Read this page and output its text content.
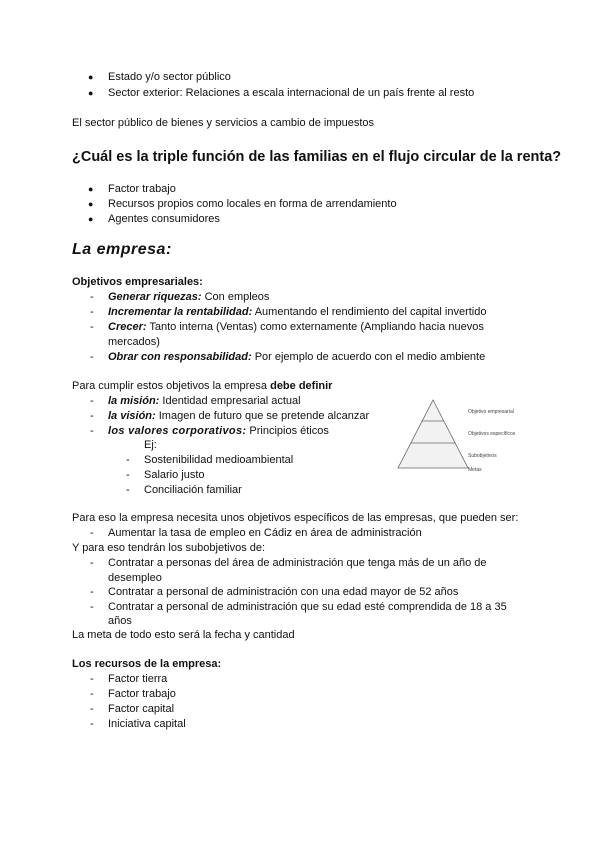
● Estado y/o sector público
● Sector exterior: Relaciones a escala internacional de un país frente al resto
El sector público de bienes y servicios a cambio de impuestos
¿Cuál es la triple función de las familias en el flujo circular de la renta?
● Factor trabajo
● Recursos propios como locales en forma de arrendamiento
● Agentes consumidores
La empresa:
Objetivos empresariales:
- Generar riquezas: Con empleos
- Incrementar la rentabilidad: Aumentando el rendimiento del capital invertido
- Crecer: Tanto interna (Ventas) como externamente (Ampliando hacia nuevos
mercados)
- Obrar con responsabilidad: Por ejemplo de acuerdo con el medio ambiente
Para cumplir estos objetivos la empresa debe definir
- la misión: Identidad empresarial actual
- la visión: Imagen de futuro que se pretende alcanzar
- los valores corporativos: Principios éticos
Ej:
- Sostenibilidad medioambiental
- Salario justo
- Conciliación familiar
Objetivo empresarial
Objetivos específicos
Subobjetivos
Metas
Para eso la empresa necesita unos objetivos específicos de las empresas, que pueden ser:
- Aumentar la tasa de empleo en Cádiz en área de administración
Y para eso tendrán los subobjetivos de:
- Contratar a personas del área de administración que tenga más de un año de
desempleo
- Contratar a personal de administración con una edad mayor de 52 años
- Contratar a personal de administración que su edad esté comprendida de 18 a 35
años
La meta de todo esto será la fecha y cantidad
Los recursos de la empresa:
- Factor tierra
- Factor trabajo
- Factor capital
- Iniciativa capital
